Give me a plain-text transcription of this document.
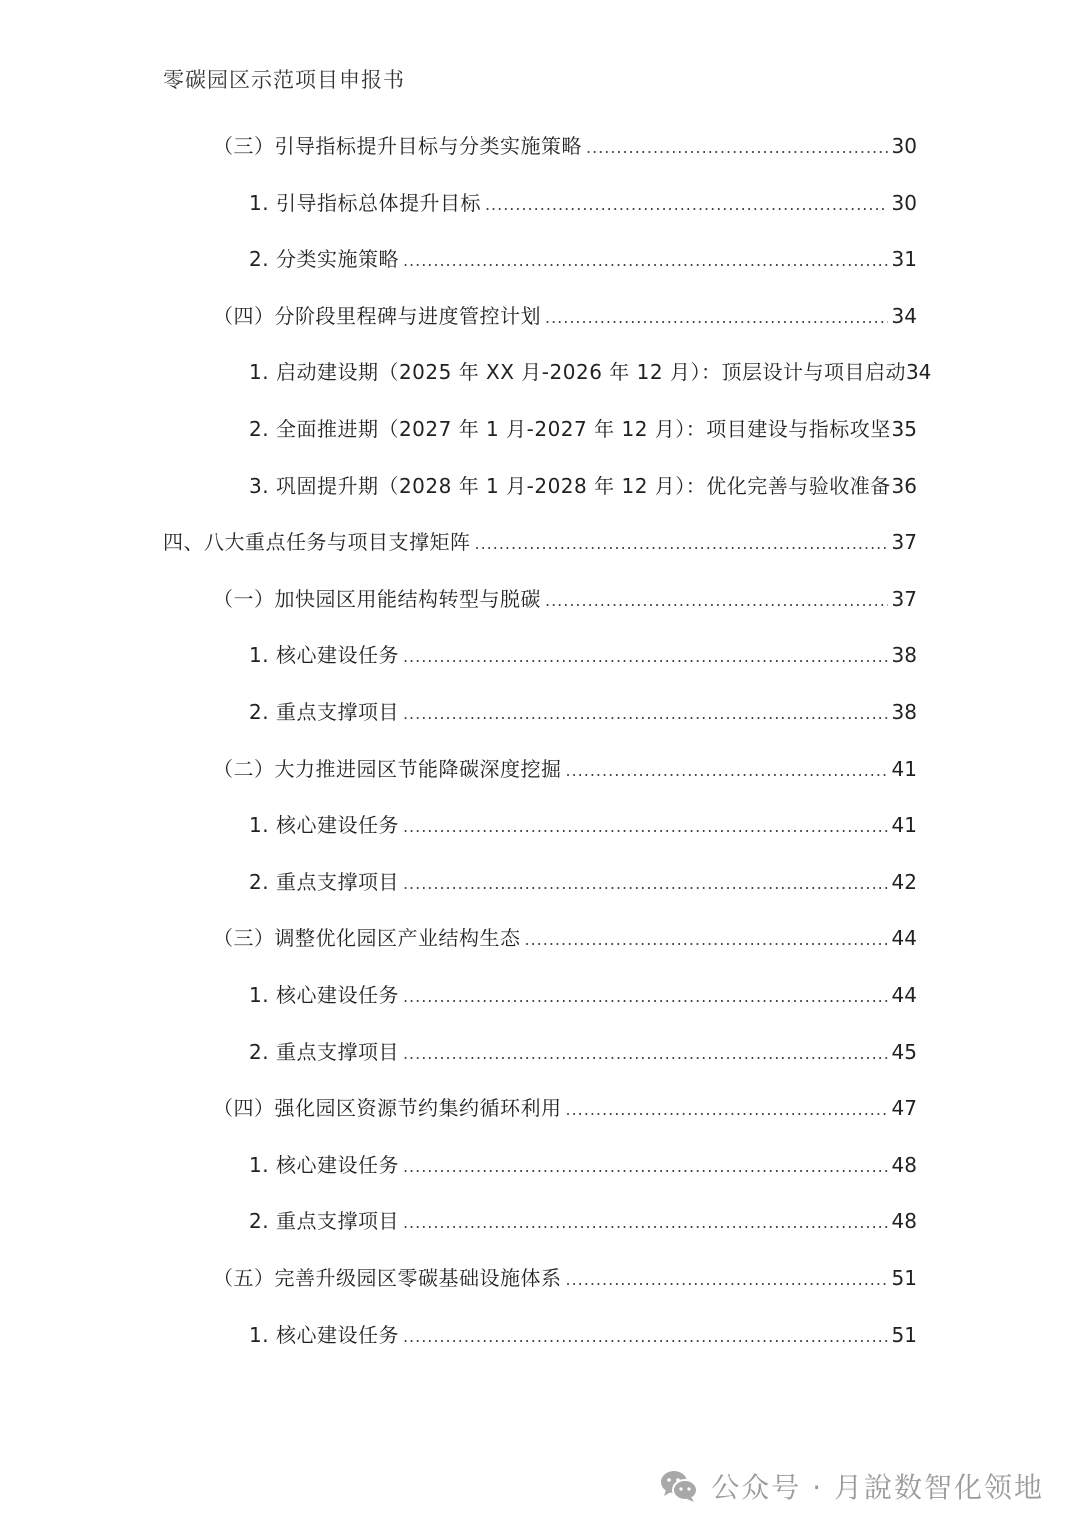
零碳园区示范项目申报书
（三）引导指标提升目标与分类实施策略 .....	30
1. 引导指标总体提升目标 .....	30
2. 分类实施策略 .....	31
（四）分阶段里程碑与进度管控计划 .....	34
1. 启动建设期（2025 年 XX 月-2026 年 12 月）：顶层设计与项目启动 34
2. 全面推进期（2027 年 1 月-2027 年 12 月）：项目建设与指标攻坚 35
3. 巩固提升期（2028 年 1 月-2028 年 12 月）：优化完善与验收准备 36
四、八大重点任务与项目支撑矩阵 .....	37
（一）加快园区用能结构转型与脱碳 .....	37
1. 核心建设任务 .....	38
2. 重点支撑项目 .....	38
（二）大力推进园区节能降碳深度挖掘 .....	41
1. 核心建设任务 .....	41
2. 重点支撑项目 .....	42
（三）调整优化园区产业结构生态 .....	44
1. 核心建设任务 .....	44
2. 重点支撑项目 .....	45
（四）强化园区资源节约集约循环利用 .....	47
1. 核心建设任务 .....	48
2. 重点支撑项目 .....	48
（五）完善升级园区零碳基础设施体系 .....	51
1. 核心建设任务 .....	51
公众号 · 月說数智化领地
